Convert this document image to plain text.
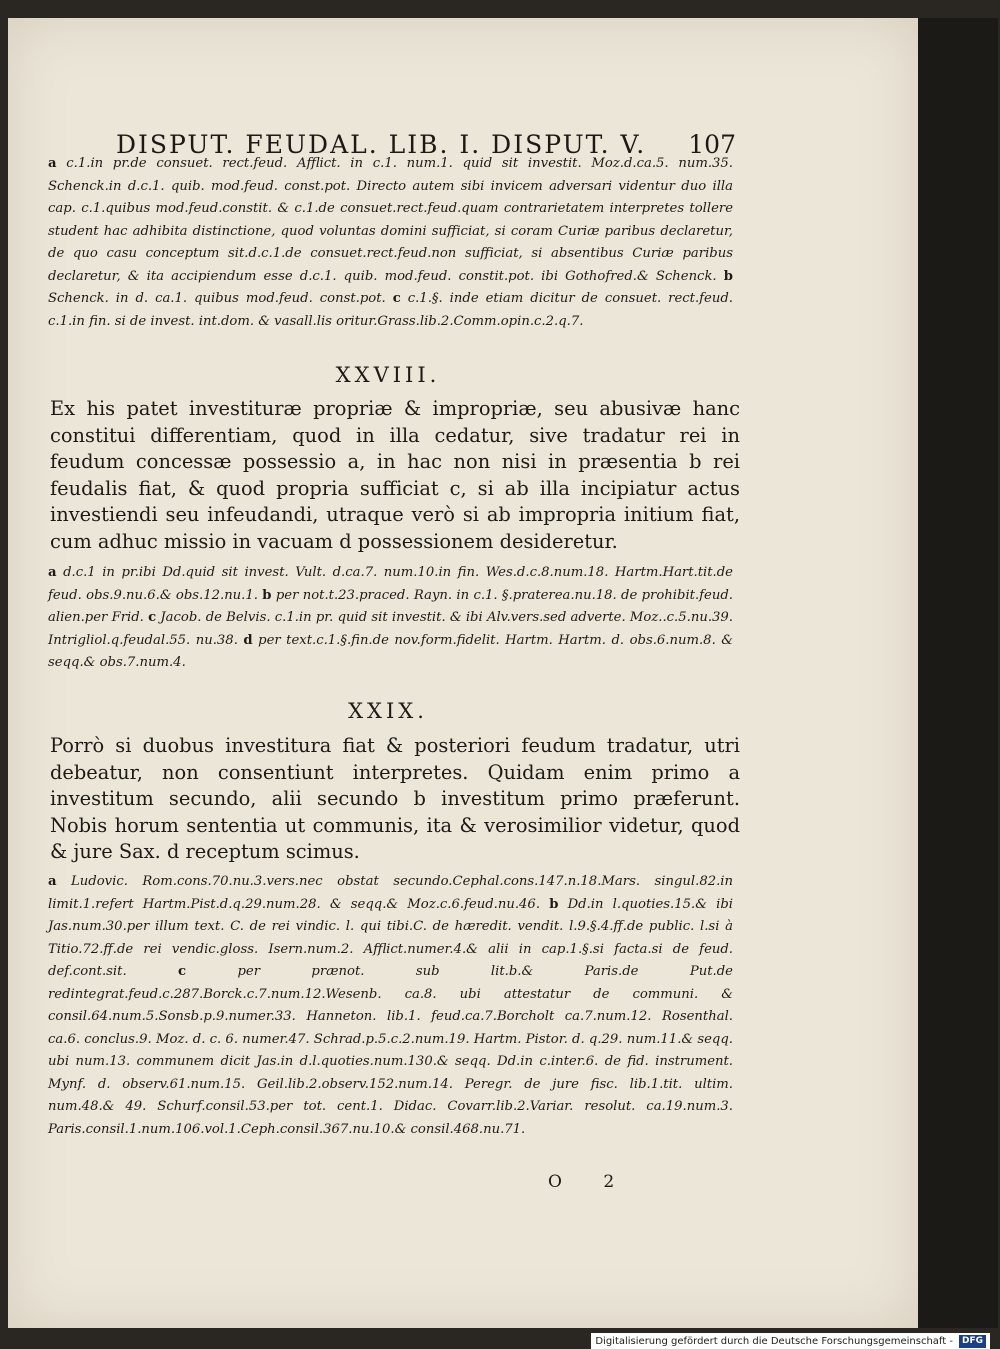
DISPUT. FEUDAL. LIB. I. DISPUT. V. 107

a c.1.in pr.de consuet. rect.feud. Afflict. in c.1. num.1. quid sit investit. Moz.d.ca.5. num.35. Schenck.in d.c.1. quib. mod.feud. const.pot. Directo autem sibi invicem adversari videntur duo illa cap. c.1.quibus mod.feud.constit. & c.1.de consuet.rect.feud.quam contrarietatem interpretes tollere student hac adhibita distinctione, quod voluntas domini sufficiat, si coram Curiæ paribus declaretur, de quo casu conceptum sit.d.c.1.de consuet.rect.feud.non sufficiat, si absentibus Curiæ paribus declaretur, & ita accipiendum esse d.c.1. quib. mod.feud. constit.pot. ibi Gothofred.& Schenck. b Schenck. in d. ca.1. quibus mod.feud. const.pot. c c.1.§. inde etiam dicitur de consuet. rect.feud. c.1.in fin. si de invest. int.dom. & vasall.lis oritur.Grass.lib.2.Comm.opin.c.2.q.7.

XXVIII.

Ex his patet investituræ propriæ & impropriæ, seu abusivæ hanc constitui differentiam, quod in illa cedatur, sive tradatur rei in feudum concessæ possessio a, in hac non nisi in præsentia b rei feudalis fiat, & quod propria sufficiat c, si ab illa incipiatur actus investiendi seu infeudandi, utraque verò si ab impropria initium fiat, cum adhuc missio in vacuam d possessionem desideretur.

a d.c.1 in pr.ibi Dd.quid sit invest. Vult. d.ca.7. num.10.in fin. Wes.d.c.8.num.18. Hartm.Hart.tit.de feud. obs.9.nu.6.& obs.12.nu.1. b per not.t.23.praced. Rayn. in c.1. §.praterea.nu.18. de prohibit.feud. alien.per Frid. c Jacob. de Belvis. c.1.in pr. quid sit investit. & ibi Alv.vers.sed adverte. Moz..c.5.nu.39. Intrigliol.q.feudal.55. nu.38. d per text.c.1.§.fin.de nov.form.fidelit. Hartm. Hartm. d. obs.6.num.8. & seqq.& obs.7.num.4.

XXIX.

Porrò si duobus investitura fiat & posteriori feudum tradatur, utri debeatur, non consentiunt interpretes. Quidam enim primo a investitum secundo, alii secundo b investitum primo præferunt. Nobis horum sententia ut communis, ita & verosimilior videtur, quod & jure Sax. d receptum scimus.

a Ludovic. Rom.cons.70.nu.3.vers.nec obstat secundo.Cephal.cons.147.n.18.Mars. singul.82.in limit.1.refert Hartm.Pist.d.q.29.num.28. & seqq.& Moz.c.6.feud.nu.46. b Dd.in l.quoties.15.& ibi Jas.num.30.per illum text. C. de rei vindic. l. qui tibi.C. de hæredit. vendit. l.9.§.4.ff.de public. l.si à Titio.72.ff.de rei vendic.gloss. Isern.num.2. Afflict.numer.4.& alii in cap.1.§.si facta.si de feud. def.cont.sit.	c	per prænot. sub lit.b.& Paris.de Put.de redintegrat.feud.c.287.Borck.c.7.num.12.Wesenb. ca.8. ubi attestatur de communi. & consil.64.num.5.Sonsb.p.9.numer.33. Hanneton. lib.1. feud.ca.7.Borcholt ca.7.num.12. Rosenthal. ca.6. conclus.9. Moz. d. c. 6. numer.47. Schrad.p.5.c.2.num.19. Hartm. Pistor. d. q.29. num.11.& seqq. ubi num.13. communem dicit Jas.in d.l.quoties.num.130.& seqq. Dd.in c.inter.6. de fid. instrument. Mynf. d. observ.61.num.15. Geil.lib.2.observ.152.num.14. Peregr. de jure fisc. lib.1.tit. ultim. num.48.& 49. Schurf.consil.53.per tot. cent.1. Didac. Covarr.lib.2.Variar. resolut. ca.19.num.3. Paris.consil.1.num.106.vol.1.Ceph.consil.367.nu.10.& consil.468.nu.71.

O 2
Digitalisierung gefördert durch die Deutsche Forschungsgemeinschaft -	DFG
